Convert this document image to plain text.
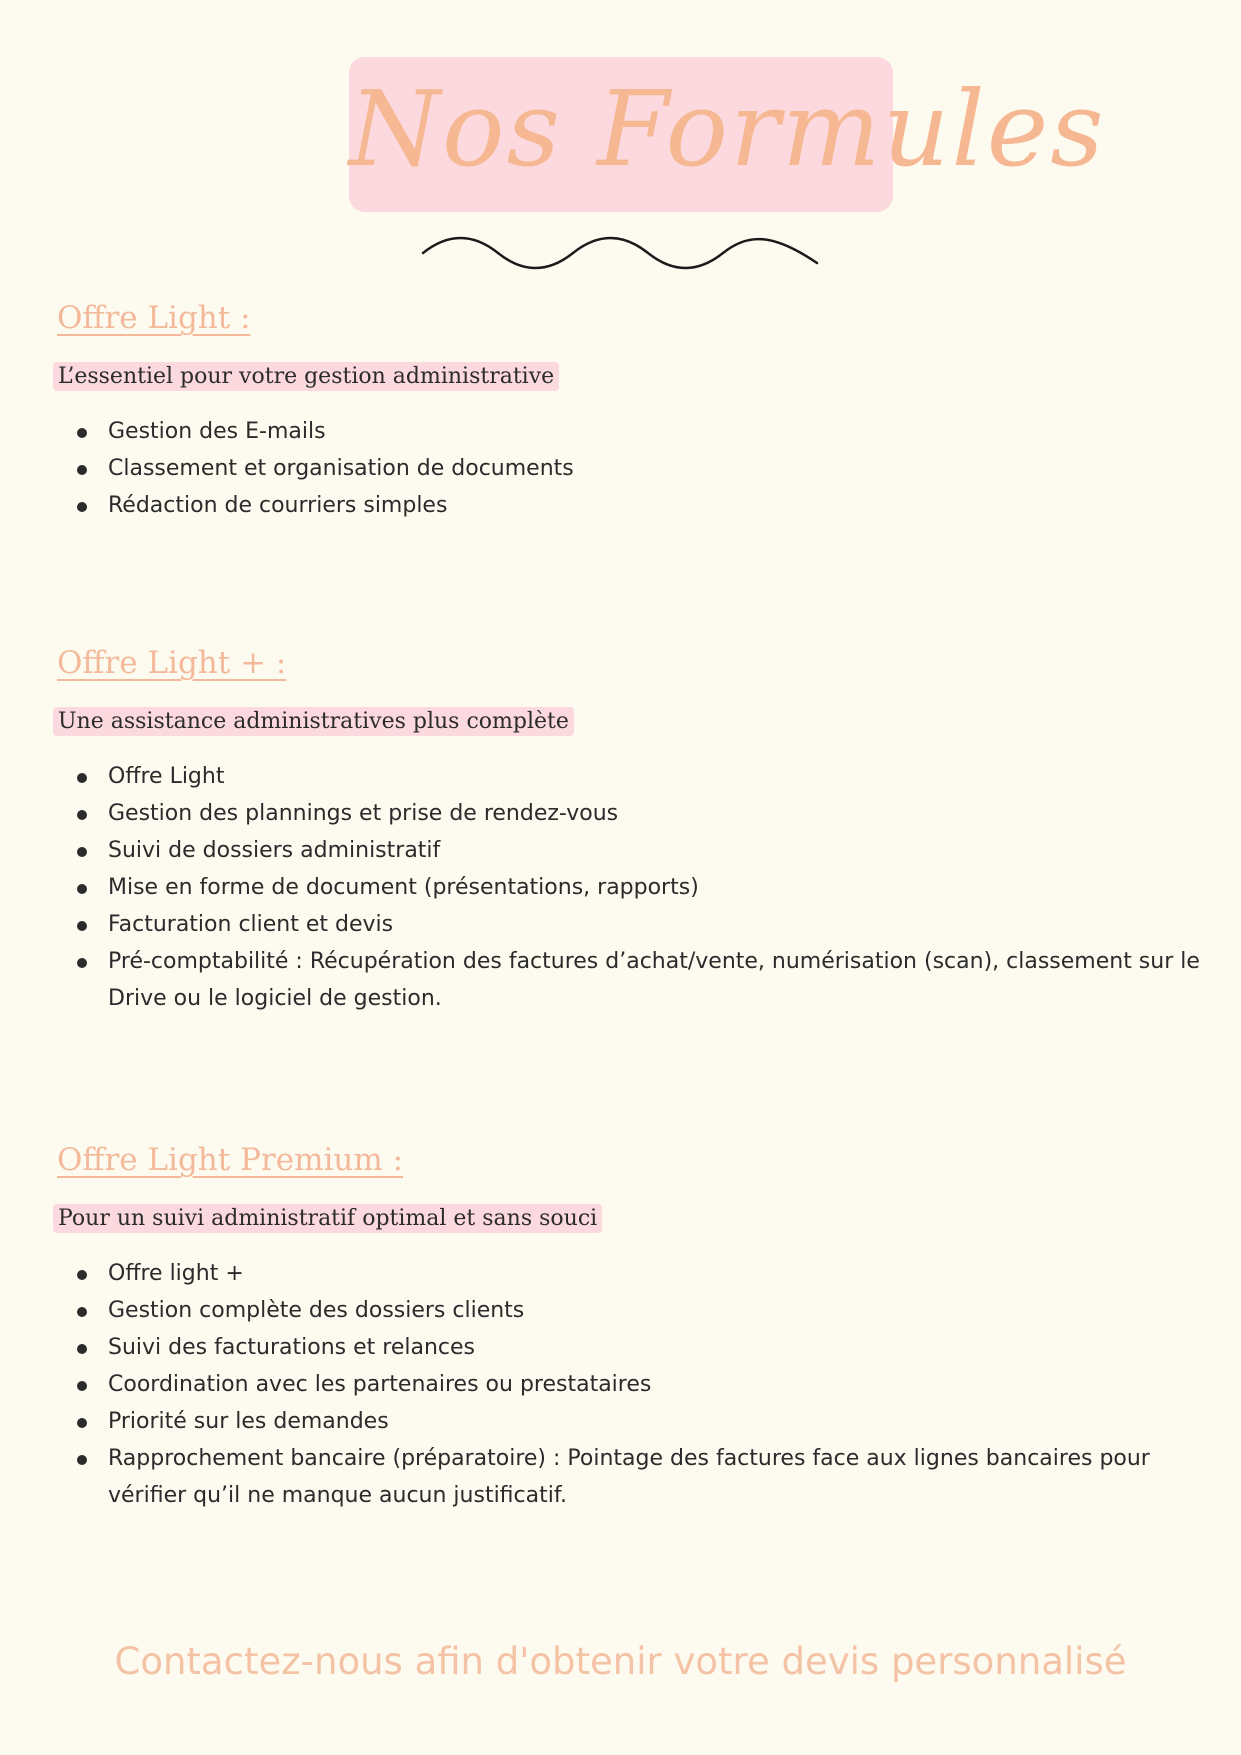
Nos Formules
Offre Light :
L’essentiel pour votre gestion administrative
Gestion des E-mails
Classement et organisation de documents
Rédaction de courriers simples
Offre Light + :
Une assistance administratives plus complète
Offre Light
Gestion des plannings et prise de rendez-vous
Suivi de dossiers administratif
Mise en forme de document (présentations, rapports)
Facturation client et devis
Pré-comptabilité : Récupération des factures d’achat/vente, numérisation (scan), classement sur le Drive ou le logiciel de gestion.
Offre Light Premium :
Pour un suivi administratif optimal et sans souci
Offre light +
Gestion complète des dossiers clients
Suivi des facturations et relances
Coordination avec les partenaires ou prestataires
Priorité sur les demandes
Rapprochement bancaire (préparatoire) : Pointage des factures face aux lignes bancaires pour vérifier qu’il ne manque aucun justificatif.
Contactez-nous afin d'obtenir votre devis personnalisé
